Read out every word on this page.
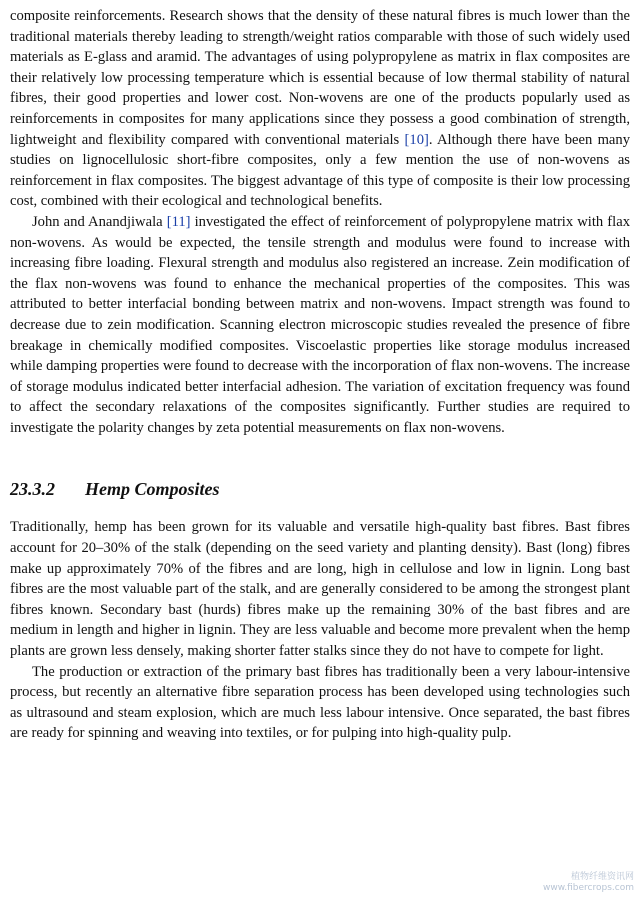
composite reinforcements. Research shows that the density of these natural fibres is much lower than the traditional materials thereby leading to strength/weight ratios comparable with those of such widely used materials as E-glass and aramid. The advantages of using polypropylene as matrix in flax composites are their relatively low processing temperature which is essential because of low thermal stability of natural fibres, their good properties and lower cost. Non-wovens are one of the products popularly used as reinforcements in composites for many applications since they possess a good combination of strength, lightweight and flexibility compared with conventional materials [10]. Although there have been many studies on lignocellulosic short-fibre composites, only a few mention the use of non-wovens as reinforcement in flax composites. The biggest advantage of this type of composite is their low processing cost, combined with their ecological and technological benefits.

John and Anandjiwala [11] investigated the effect of reinforcement of polypropylene matrix with flax non-wovens. As would be expected, the tensile strength and modulus were found to increase with increasing fibre loading. Flexural strength and modulus also registered an increase. Zein modification of the flax non-wovens was found to enhance the mechanical properties of the composites. This was attributed to better interfacial bonding between matrix and non-wovens. Impact strength was found to decrease due to zein modification. Scanning electron microscopic studies revealed the presence of fibre breakage in chemically modified composites. Viscoelastic properties like storage modulus increased while damping properties were found to decrease with the incorporation of flax non-wovens. The increase of storage modulus indicated better interfacial adhesion. The variation of excitation frequency was found to affect the secondary relaxations of the composites significantly. Further studies are required to investigate the polarity changes by zeta potential measurements on flax non-wovens.

23.3.2 Hemp Composites

Traditionally, hemp has been grown for its valuable and versatile high-quality bast fibres. Bast fibres account for 20–30% of the stalk (depending on the seed variety and planting density). Bast (long) fibres make up approximately 70% of the fibres and are long, high in cellulose and low in lignin. Long bast fibres are the most valuable part of the stalk, and are generally considered to be among the strongest plant fibres known. Secondary bast (hurds) fibres make up the remaining 30% of the bast fibres and are medium in length and higher in lignin. They are less valuable and become more prevalent when the hemp plants are grown less densely, making shorter fatter stalks since they do not have to compete for light.

The production or extraction of the primary bast fibres has traditionally been a very labour-intensive process, but recently an alternative fibre separation process has been developed using technologies such as ultrasound and steam explosion, which are much less labour intensive. Once separated, the bast fibres are ready for spinning and weaving into textiles, or for pulping into high-quality pulp.

植物纤维资讯网
www.fibercrops.com
